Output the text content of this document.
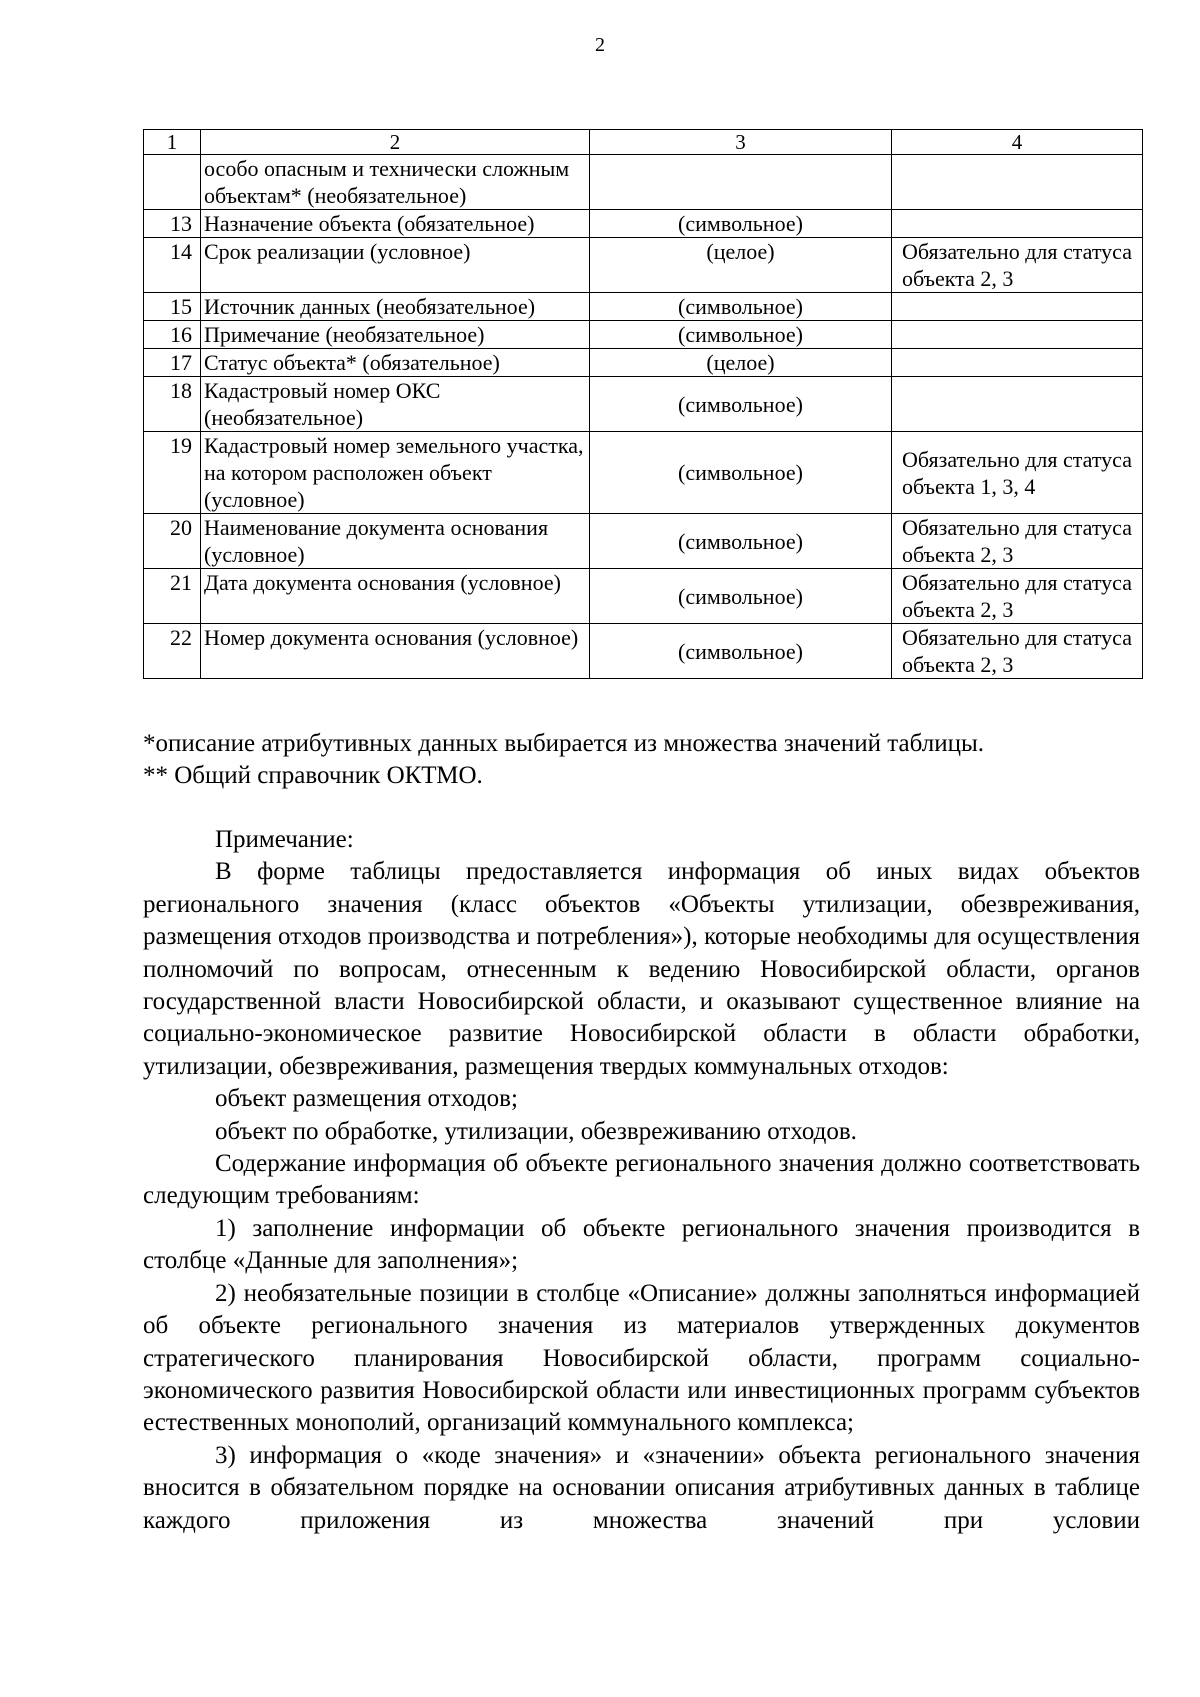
2
1	2	3	4
	особо опасным и технически сложным объектам* (необязательное)		
13	Назначение объекта (обязательное)	(символьное)	
14	Срок реализации (условное)	(целое)	Обязательно для статуса объекта 2, 3
15	Источник данных (необязательное)	(символьное)	
16	Примечание (необязательное)	(символьное)	
17	Статус объекта* (обязательное)	(целое)	
18	Кадастровый номер ОКС (необязательное)	(символьное)	
19	Кадастровый номер земельного участка, на котором расположен объект (условное)	(символьное)	Обязательно для статуса объекта 1, 3, 4
20	Наименование документа основания (условное)	(символьное)	Обязательно для статуса объекта 2, 3
21	Дата документа основания (условное)	(символьное)	Обязательно для статуса объекта 2, 3
22	Номер документа основания (условное)	(символьное)	Обязательно для статуса объекта 2, 3
*описание атрибутивных данных выбирается из множества значений таблицы.
** Общий справочник ОКТМО.

Примечание:

В форме таблицы предоставляется информация об иных видах объектов регионального значения (класс объектов «Объекты утилизации, обезвреживания, размещения отходов производства и потребления»), которые необходимы для осуществления полномочий по вопросам, отнесенным к ведению Новосибирской области, органов государственной власти Новосибирской области, и оказывают существенное влияние на социально-экономическое развитие Новосибирской области в области обработки, утилизации, обезвреживания, размещения твердых коммунальных отходов:

объект размещения отходов;

объект по обработке, утилизации, обезвреживанию отходов.

Содержание информация об объекте регионального значения должно соответствовать следующим требованиям:

1) заполнение информации об объекте регионального значения производится в столбце «Данные для заполнения»;

2) необязательные позиции в столбце «Описание» должны заполняться информацией об объекте регионального значения из материалов утвержденных документов стратегического планирования Новосибирской области, программ социально-экономического развития Новосибирской области или инвестиционных программ субъектов естественных монополий, организаций коммунального комплекса;

3) информация о «коде значения» и «значении» объекта регионального значения вносится в обязательном порядке на основании описания атрибутивных данных в таблице каждого приложения из множества значений при условии
